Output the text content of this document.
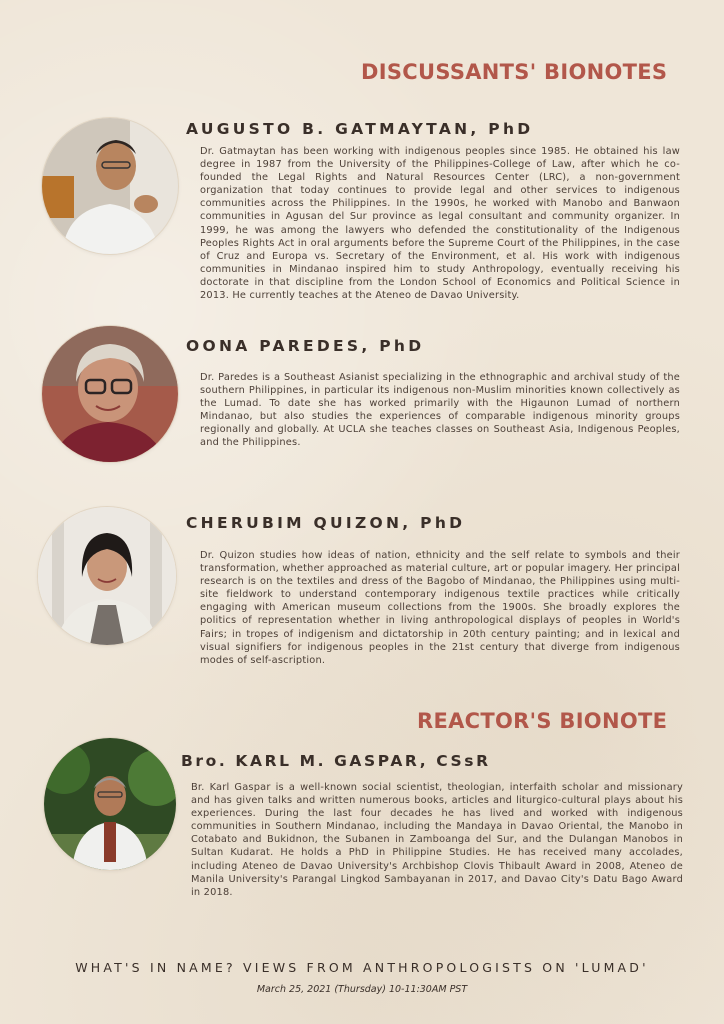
DISCUSSANTS' BIONOTES
AUGUSTO B. GATMAYTAN, PhD

Dr. Gatmaytan has been working with indigenous peoples since 1985. He obtained his law degree in 1987 from the University of the Philippines-College of Law, after which he co-founded the Legal Rights and Natural Resources Center (LRC), a non-government organization that today continues to provide legal and other services to indigenous communities across the Philippines. In the 1990s, he worked with Manobo and Banwaon communities in Agusan del Sur province as legal consultant and community organizer. In 1999, he was among the lawyers who defended the constitutionality of the Indigenous Peoples Rights Act in oral arguments before the Supreme Court of the Philippines, in the case of Cruz and Europa vs. Secretary of the Environment, et al. His work with indigenous communities in Mindanao inspired him to study Anthropology, eventually receiving his doctorate in that discipline from the London School of Economics and Political Science in 2013. He currently teaches at the Ateneo de Davao University.

OONA PAREDES, PhD

Dr. Paredes is a Southeast Asianist specializing in the ethnographic and archival study of the southern Philippines, in particular its indigenous non-Muslim minorities known collectively as the Lumad. To date she has worked primarily with the Higaunon Lumad of northern Mindanao, but also studies the experiences of comparable indigenous minority groups regionally and globally. At UCLA she teaches classes on Southeast Asia, Indigenous Peoples, and the Philippines.

CHERUBIM QUIZON, PhD

Dr. Quizon studies how ideas of nation, ethnicity and the self relate to symbols and their transformation, whether approached as material culture, art or popular imagery. Her principal research is on the textiles and dress of the Bagobo of Mindanao, the Philippines using multi-site fieldwork to understand contemporary indigenous textile practices while critically engaging with American museum collections from the 1900s. She broadly explores the politics of representation whether in living anthropological displays of peoples in World's Fairs; in tropes of indigenism and dictatorship in 20th century painting; and in lexical and visual signifiers for indigenous peoples in the 21st century that diverge from indigenous modes of self-ascription.

REACTOR'S BIONOTE
Bro. KARL M. GASPAR, CSsR

Br. Karl Gaspar is a well-known social scientist, theologian, interfaith scholar and missionary and has given talks and written numerous books, articles and liturgico-cultural plays about his experiences. During the last four decades he has lived and worked with indigenous communities in Southern Mindanao, including the Mandaya in Davao Oriental, the Manobo in Cotabato and Bukidnon, the Subanen in Zamboanga del Sur, and the Dulangan Manobos in Sultan Kudarat. He holds a PhD in Philippine Studies. He has received many accolades, including Ateneo de Davao University's Archbishop Clovis Thibault Award in 2008, Ateneo de Manila University's Parangal Lingkod Sambayanan in 2017, and Davao City's Datu Bago Award in 2018.

WHAT'S IN NAME? VIEWS FROM ANTHROPOLOGISTS ON 'LUMAD'

March 25, 2021 (Thursday) 10-11:30AM PST
